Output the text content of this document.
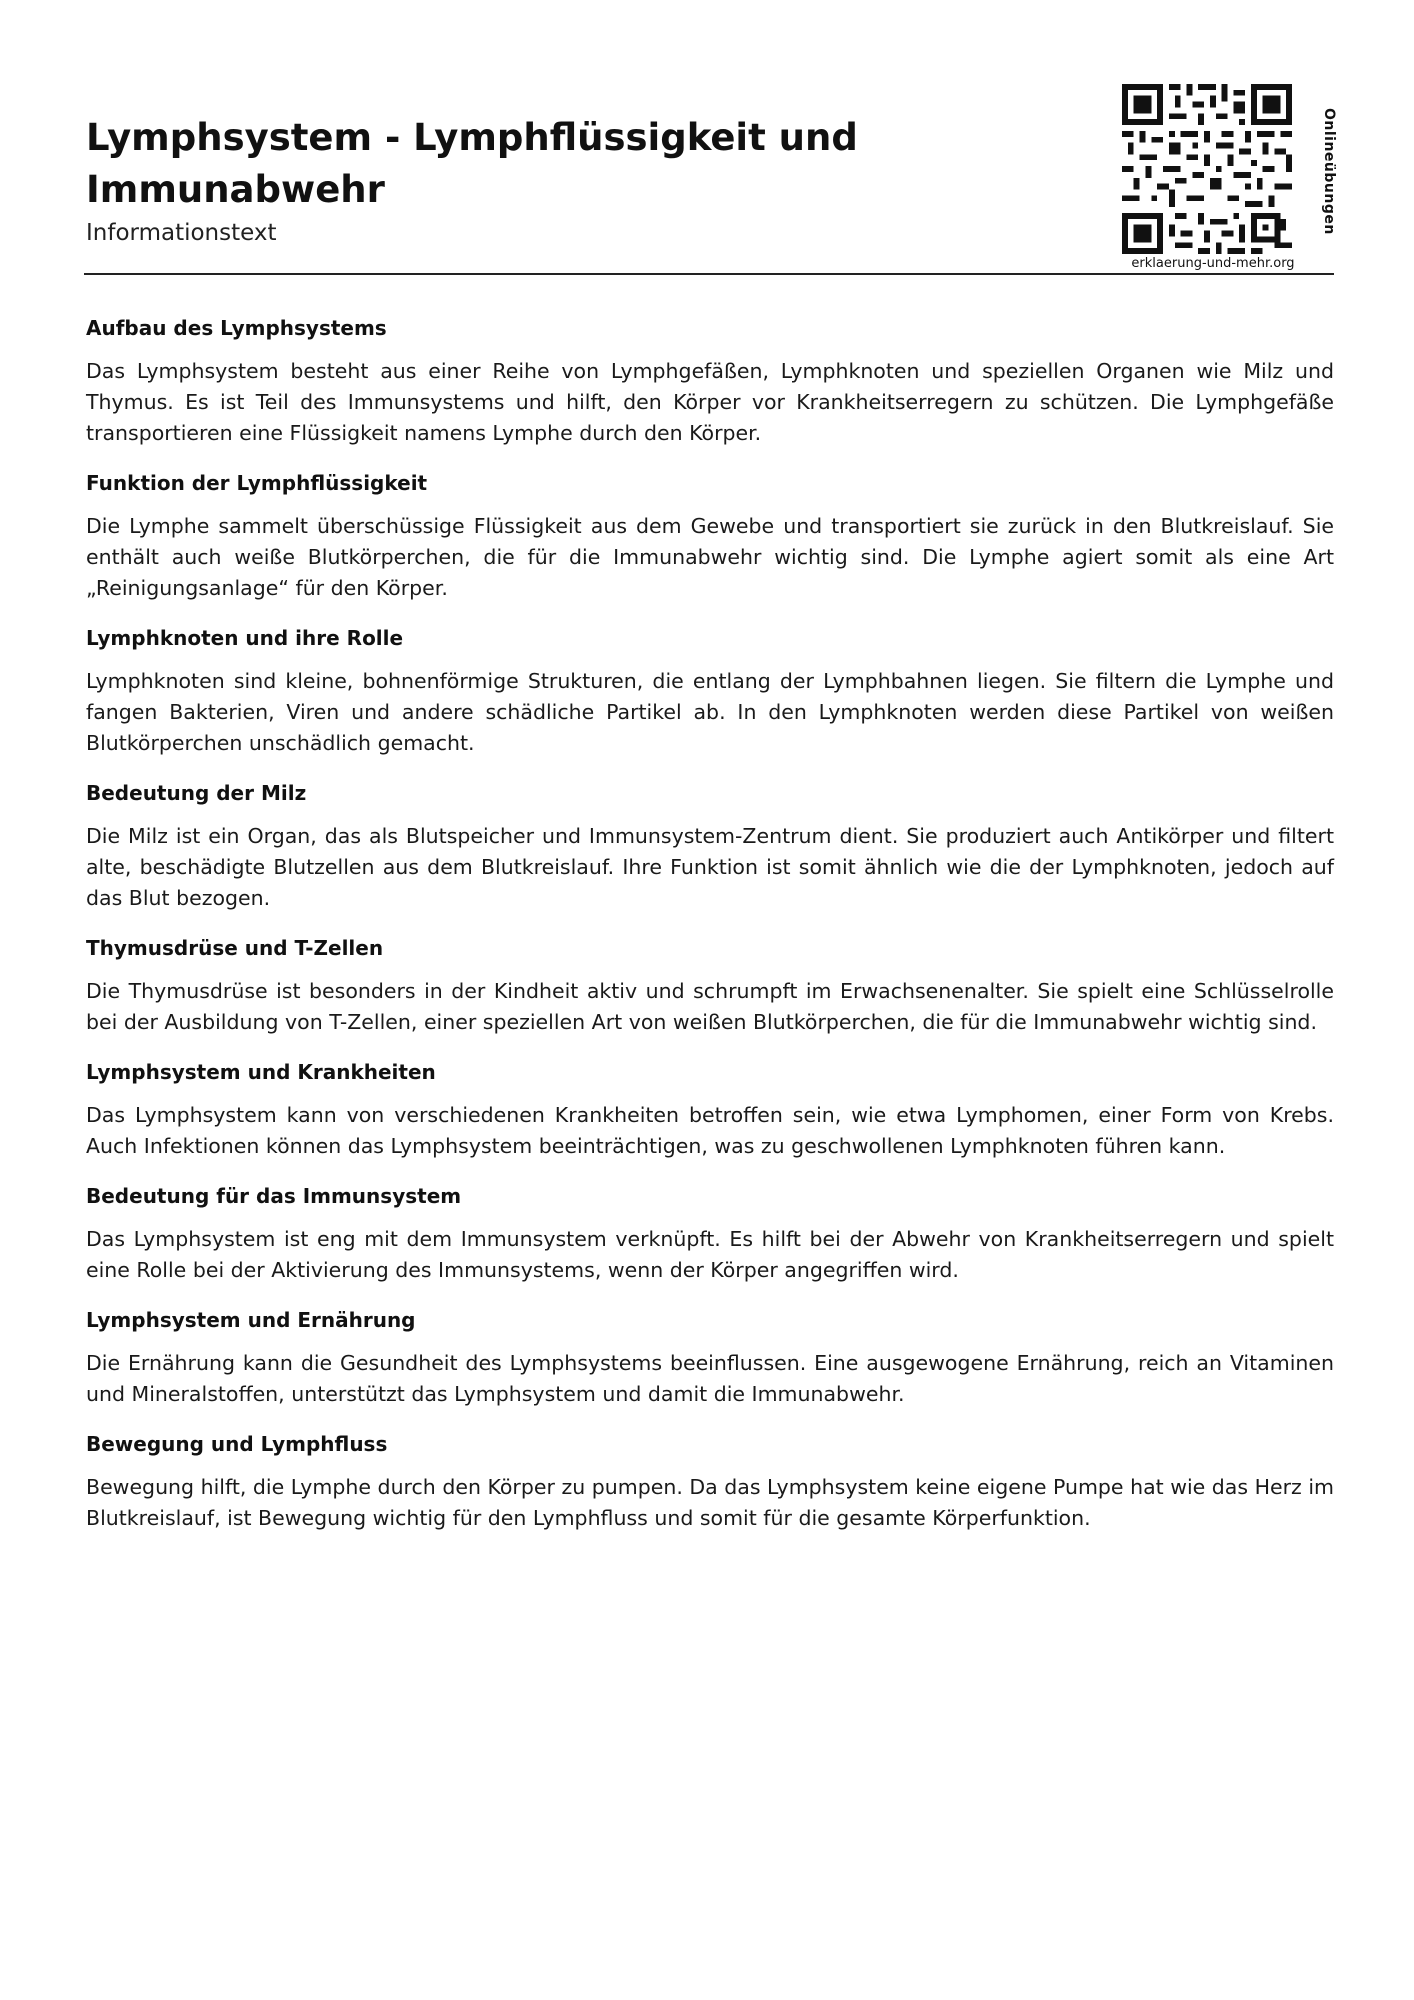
Lymphsystem - Lymphflüssigkeit und Immunabwehr
Informationstext	Onlineübungen
erklaerung-und-mehr.org
Aufbau des Lymphsystems

Das Lymphsystem besteht aus einer Reihe von Lymphgefäßen, Lymphknoten und speziellen Organen wie Milz und Thymus. Es ist Teil des Immunsystems und hilft, den Körper vor Krankheitserregern zu schützen. Die Lymphgefäße transportieren eine Flüssigkeit namens Lymphe durch den Körper.

Funktion der Lymphflüssigkeit

Die Lymphe sammelt überschüssige Flüssigkeit aus dem Gewebe und transportiert sie zurück in den Blutkreislauf. Sie enthält auch weiße Blutkörperchen, die für die Immunabwehr wichtig sind. Die Lymphe agiert somit als eine Art „Reinigungsanlage“ für den Körper.

Lymphknoten und ihre Rolle

Lymphknoten sind kleine, bohnenförmige Strukturen, die entlang der Lymphbahnen liegen. Sie filtern die Lymphe und fangen Bakterien, Viren und andere schädliche Partikel ab. In den Lymphknoten werden diese Partikel von weißen Blutkörperchen unschädlich gemacht.

Bedeutung der Milz

Die Milz ist ein Organ, das als Blutspeicher und Immunsystem-Zentrum dient. Sie produziert auch Antikörper und filtert alte, beschädigte Blutzellen aus dem Blutkreislauf. Ihre Funktion ist somit ähnlich wie die der Lymphknoten, jedoch auf das Blut bezogen.

Thymusdrüse und T-Zellen

Die Thymusdrüse ist besonders in der Kindheit aktiv und schrumpft im Erwachsenenalter. Sie spielt eine Schlüsselrolle bei der Ausbildung von T-Zellen, einer speziellen Art von weißen Blutkörperchen, die für die Immunabwehr wichtig sind.

Lymphsystem und Krankheiten

Das Lymphsystem kann von verschiedenen Krankheiten betroffen sein, wie etwa Lymphomen, einer Form von Krebs. Auch Infektionen können das Lymphsystem beeinträchtigen, was zu geschwollenen Lymphknoten führen kann.

Bedeutung für das Immunsystem

Das Lymphsystem ist eng mit dem Immunsystem verknüpft. Es hilft bei der Abwehr von Krankheitserregern und spielt eine Rolle bei der Aktivierung des Immunsystems, wenn der Körper angegriffen wird.

Lymphsystem und Ernährung

Die Ernährung kann die Gesundheit des Lymphsystems beeinflussen. Eine ausgewogene Ernährung, reich an Vitaminen und Mineralstoffen, unterstützt das Lymphsystem und damit die Immunabwehr.

Bewegung und Lymphfluss

Bewegung hilft, die Lymphe durch den Körper zu pumpen. Da das Lymphsystem keine eigene Pumpe hat wie das Herz im Blutkreislauf, ist Bewegung wichtig für den Lymphfluss und somit für die gesamte Körperfunktion.
